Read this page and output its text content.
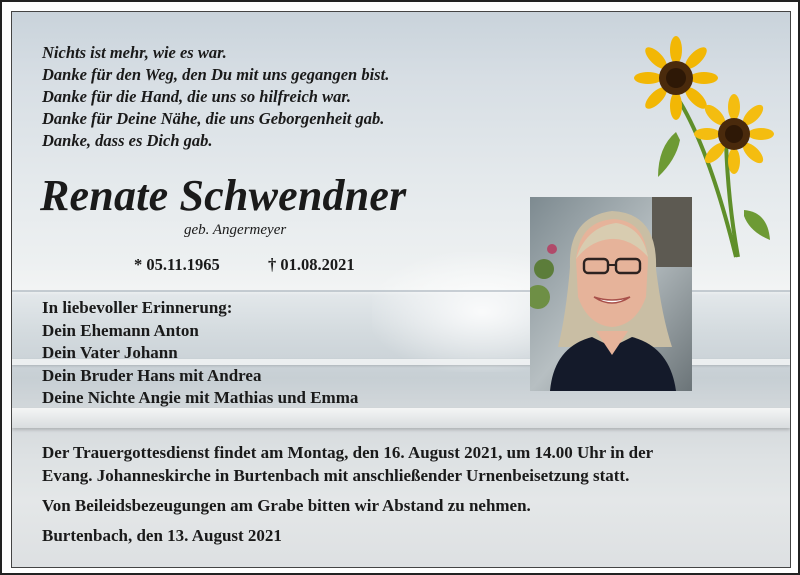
Nichts ist mehr, wie es war.
Danke für den Weg, den Du mit uns gegangen bist.
Danke für die Hand, die uns so hilfreich war.
Danke für Deine Nähe, die uns Geborgenheit gab.
Danke, dass es Dich gab.
Renate Schwendner
geb. Angermeyer
* 05.11.1965	† 01.08.2021
In liebevoller Erinnerung:
Dein Ehemann Anton
Dein Vater Johann
Dein Bruder Hans mit Andrea
Deine Nichte Angie mit Mathias und Emma
Der Trauergottesdienst findet am Montag, den 16. August 2021, um 14.00 Uhr in der
Evang. Johanneskirche in Burtenbach mit anschließender Urnenbeisetzung statt.
Von Beileidsbezeugungen am Grabe bitten wir Abstand zu nehmen.
Burtenbach, den 13. August 2021
